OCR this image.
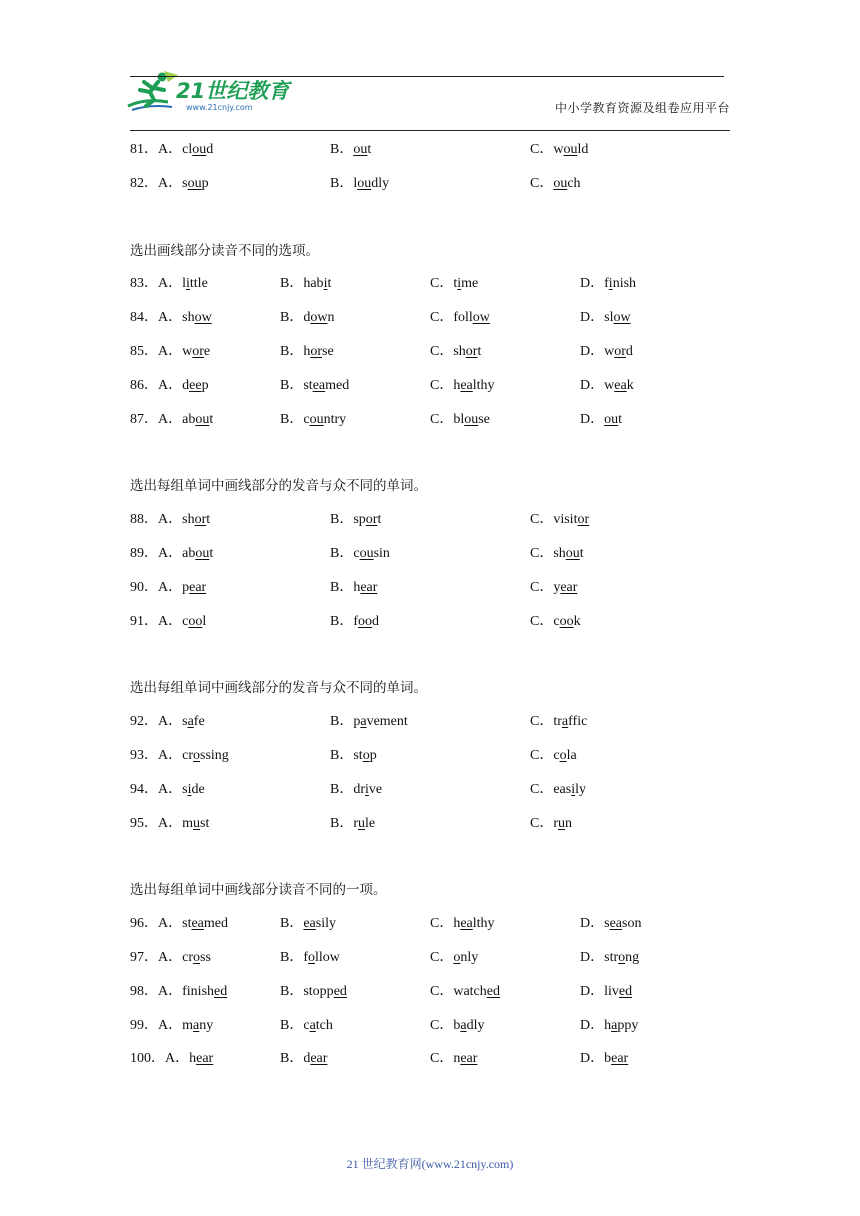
21世纪教育
www.21cnjy.com	中小学教育资源及组卷应用平台
81．A．cloud	B．out	C．would
82．A．soup	B．loudly	C．ouch
选出画线部分读音不同的选项。
83．A．little	B．habit	C．time	D．finish
84．A．show	B．down	C．follow	D．slow
85．A．wore	B．horse	C．short	D．word
86．A．deep	B．steamed	C．healthy	D．weak
87．A．about	B．country	C．blouse	D．out
选出每组单词中画线部分的发音与众不同的单词。
88．A．short	B．sport	C．visitor
89．A．about	B．cousin	C．shout
90．A．pear	B．hear	C．year
91．A．cool	B．food	C．cook
选出每组单词中画线部分的发音与众不同的单词。
92．A．safe	B．pavement	C．traffic
93．A．crossing	B．stop	C．cola
94．A．side	B．drive	C．easily
95．A．must	B．rule	C．run
选出每组单词中画线部分读音不同的一项。
96．A．steamed	B．easily	C．healthy	D．season
97．A．cross	B．follow	C．only	D．strong
98．A．finished	B．stopped	C．watched	D．lived
99．A．many	B．catch	C．badly	D．happy
100．A．hear	B．dear	C．near	D．bear
21 世纪教育网(www.21cnjy.com)
